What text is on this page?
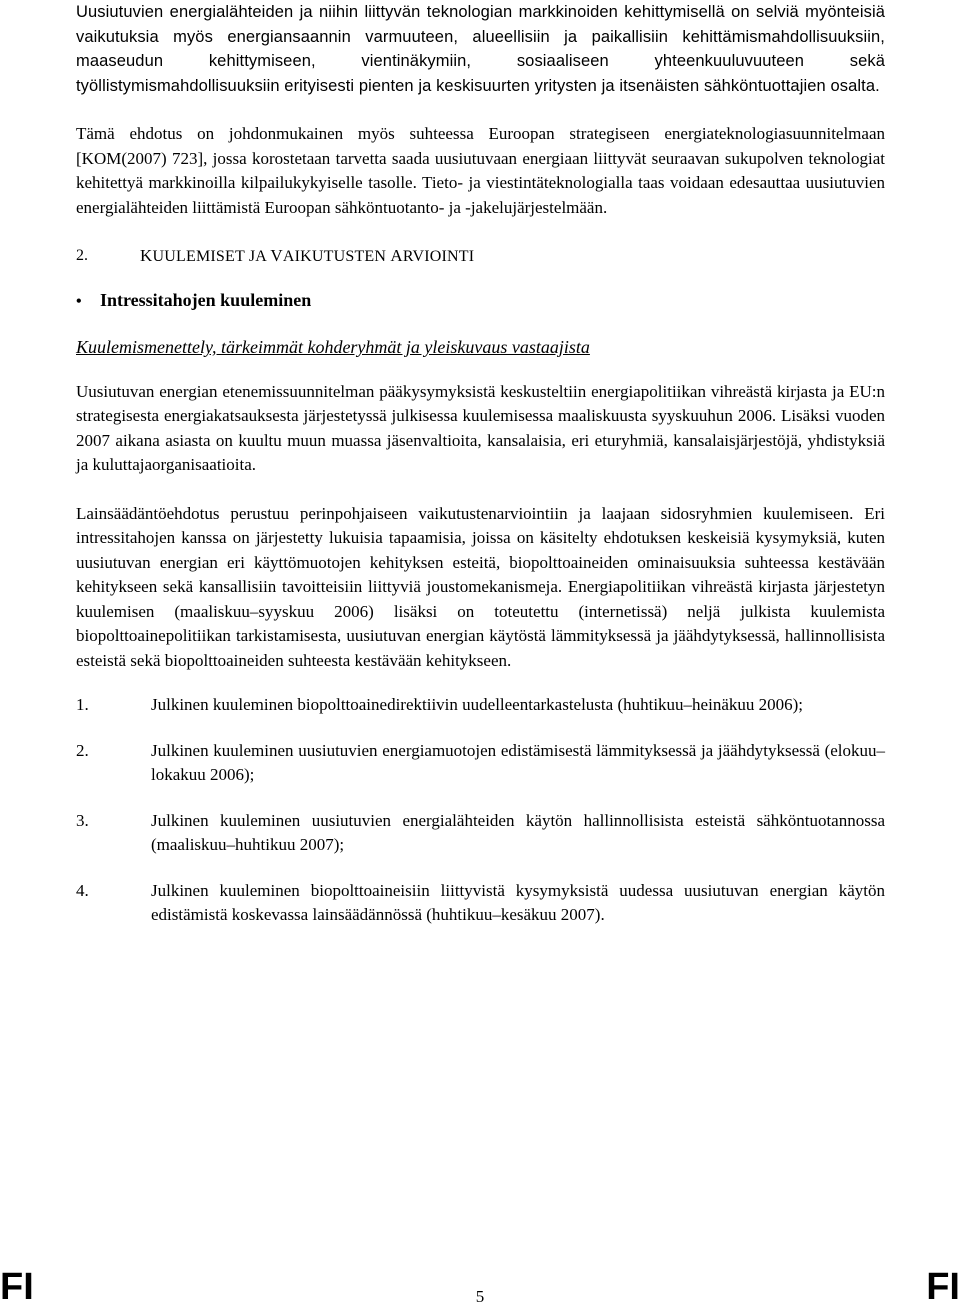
Uusiutuvien energialähteiden ja niihin liittyvän teknologian markkinoiden kehittymisellä on selviä myönteisiä vaikutuksia myös energiansaannin varmuuteen, alueellisiin ja paikallisiin kehittämismahdollisuuksiin, maaseudun kehittymiseen, vientinäkymiin, sosiaaliseen yhteenkuuluvuuteen sekä työllistymismahdollisuuksiin erityisesti pienten ja keskisuurten yritysten ja itsenäisten sähköntuottajien osalta.

Tämä ehdotus on johdonmukainen myös suhteessa Euroopan strategiseen energiateknologiasuunnitelmaan [KOM(2007) 723], jossa korostetaan tarvetta saada uusiutuvaan energiaan liittyvät seuraavan sukupolven teknologiat kehitettyä markkinoilla kilpailukykyiselle tasolle. Tieto- ja viestintäteknologialla taas voidaan edesauttaa uusiutuvien energialähteiden liittämistä Euroopan sähköntuotanto- ja -jakelujärjestelmään.

2.	KUULEMISET JA VAIKUTUSTEN ARVIOINTI
•	Intressitahojen kuuleminen
Kuulemismenettely, tärkeimmät kohderyhmät ja yleiskuvaus vastaajista

Uusiutuvan energian etenemissuunnitelman pääkysymyksistä keskusteltiin energiapolitiikan vihreästä kirjasta ja EU:n strategisesta energiakatsauksesta järjestetyssä julkisessa kuulemisessa maaliskuusta syyskuuhun 2006. Lisäksi vuoden 2007 aikana asiasta on kuultu muun muassa jäsenvaltioita, kansalaisia, eri eturyhmiä, kansalaisjärjestöjä, yhdistyksiä ja kuluttajaorganisaatioita.

Lainsäädäntöehdotus perustuu perinpohjaiseen vaikutustenarviointiin ja laajaan sidosryhmien kuulemiseen. Eri intressitahojen kanssa on järjestetty lukuisia tapaamisia, joissa on käsitelty ehdotuksen keskeisiä kysymyksiä, kuten uusiutuvan energian eri käyttömuotojen kehityksen esteitä, biopolttoaineiden ominaisuuksia suhteessa kestävään kehitykseen sekä kansallisiin tavoitteisiin liittyviä joustomekanismeja. Energiapolitiikan vihreästä kirjasta järjestetyn kuulemisen (maaliskuu–syyskuu 2006) lisäksi on toteutettu (internetissä) neljä julkista kuulemista biopolttoainepolitiikan tarkistamisesta, uusiutuvan energian käytöstä lämmityksessä ja jäähdytyksessä, hallinnollisista esteistä sekä biopolttoaineiden suhteesta kestävään kehitykseen.

1.	Julkinen kuuleminen biopolttoainedirektiivin uudelleentarkastelusta (huhtikuu–heinäkuu 2006);
2.	Julkinen kuuleminen uusiutuvien energiamuotojen edistämisestä lämmityksessä ja jäähdytyksessä (elokuu–lokakuu 2006);
3.	Julkinen kuuleminen uusiutuvien energialähteiden käytön hallinnollisista esteistä sähköntuotannossa (maaliskuu–huhtikuu 2007);
4.	Julkinen kuuleminen biopolttoaineisiin liittyvistä kysymyksistä uudessa uusiutuvan energian käytön edistämistä koskevassa lainsäädännössä (huhtikuu–kesäkuu 2007).
FI	5	FI
